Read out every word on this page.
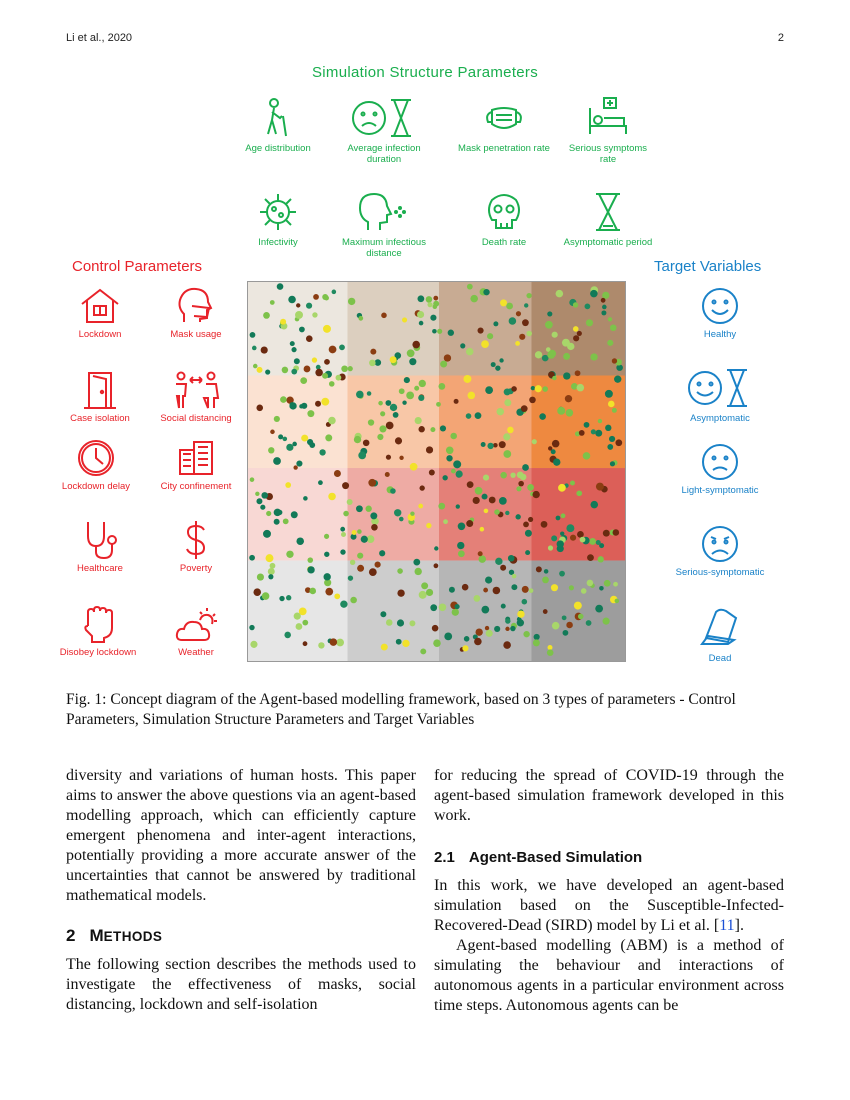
Li et al., 2020	2
Simulation Structure Parameters
Control Parameters	Target Variables
Age distribution	Average infection duration
Mask penetration rate	Serious symptoms rate
Infectivity	Maximum infectious distance
Death rate	Asymptomatic period
Lockdown	Mask usage
Case isolation	Social distancing
Lockdown delay	City confinement
Healthcare	Poverty
Disobey lockdown	Weather
Healthy
Asymptomatic
Light-symptomatic
Serious-symptomatic
Dead
Fig. 1: Concept diagram of the Agent-based modelling framework, based on 3 types of parameters - Control Parameters, Simulation Structure Parameters and Target Variables

diversity and variations of human hosts. This paper aims to answer the above questions via an agent-based modelling approach, which can efficiently capture emergent phenomena and inter-agent interactions, potentially providing a more accurate answer of the uncertainties that cannot be answered by traditional mathematical models.

2 METHODS

The following section describes the methods used to investigate the effectiveness of masks, social distancing, lockdown and self-isolation

for reducing the spread of COVID-19 through the agent-based simulation framework developed in this work.

2.1 Agent-Based Simulation

In this work, we have developed an agent-based simulation based on the Susceptible-Infected-Recovered-Dead (SIRD) model by Li et al. [11].

Agent-based modelling (ABM) is a method of simulating the behaviour and interactions of autonomous agents in a particular environment across time steps. Autonomous agents can be
